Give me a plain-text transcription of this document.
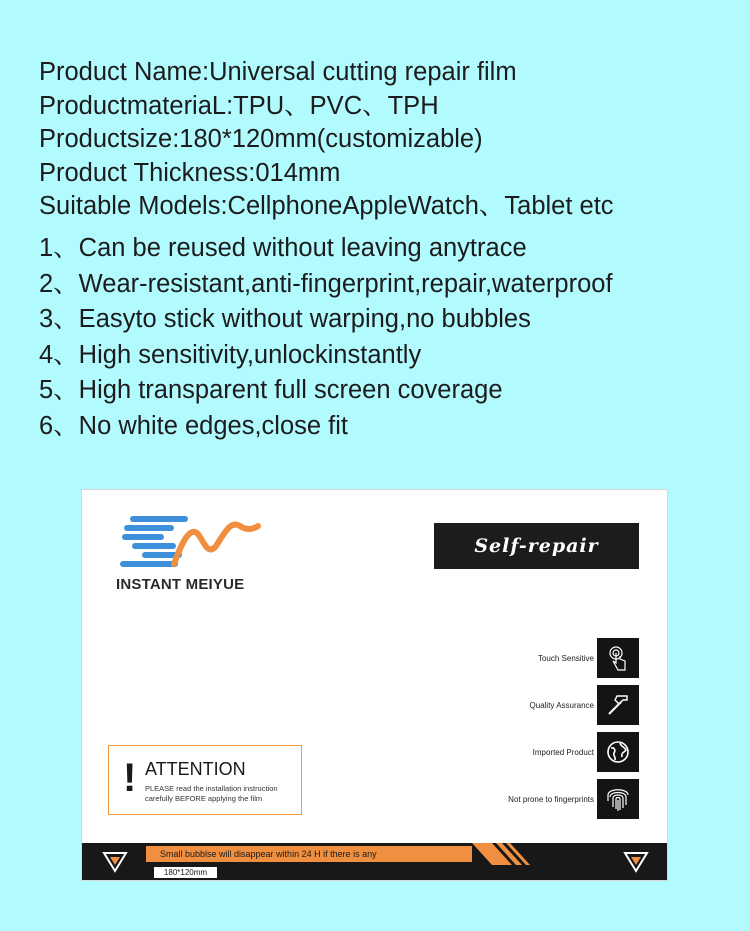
Product Name:Universal cutting repair film
ProductmateriaL:TPU、PVC、TPH
Productsize:180*120mm(customizable)
Product Thickness:014mm
Suitable Models:CellphoneAppleWatch、Tablet etc
1、Can be reused without leaving anytrace
2、Wear-resistant,anti-fingerprint,repair,waterproof
3、Easyto stick without warping,no bubbles
4、High sensitivity,unlockinstantly
5、High transparent full screen coverage
6、No white edges,close fit
INSTANT MEIYUE
Self-repair
Touch Sensitive
Quality Assurance
Imported Product
Not prone to fingerprints
! ATTENTION
PLEASE read the installation instruction
carefully BEFORE applying the film
Small bubblse will disappear within 24 H if there is any
180*120mm
